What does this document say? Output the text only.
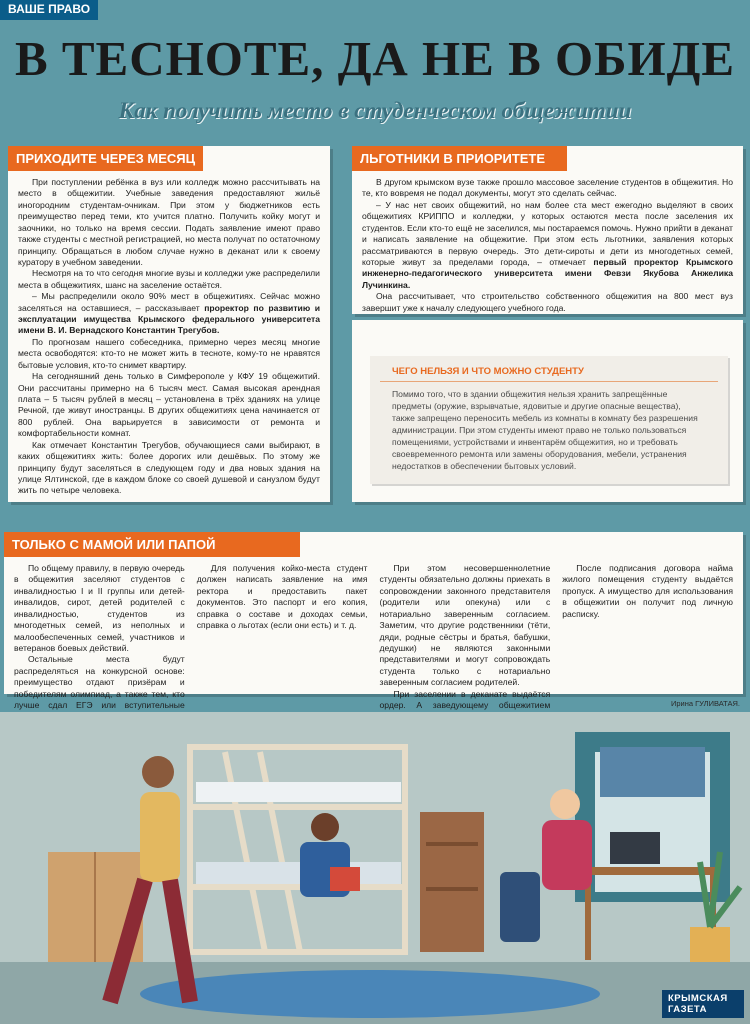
ВАШЕ ПРАВО
В ТЕСНОТЕ, ДА НЕ В ОБИДЕ
Как получить место в студенческом общежитии
ПРИХОДИТЕ ЧЕРЕЗ МЕСЯЦ

При поступлении ребёнка в вуз или колледж можно рассчитывать на место в общежитии. Учебные заведения предоставляют жильё иногородним студентам-очникам. При этом у бюджетников есть преимущество перед теми, кто учится платно. Получить койку могут и заочники, но только на время сессии. Подать заявление имеют право также студенты с местной регистрацией, но места получат по остаточному принципу. Обращаться в любом случае нужно в деканат или к своему куратору в учебном заведении.

Несмотря на то что сегодня многие вузы и колледжи уже распределили места в общежитиях, шанс на заселение остаётся.

– Мы распределили около 90% мест в общежитиях. Сейчас можно заселяться на оставшиеся, – рассказывает проректор по развитию и эксплуатации имущества Крымского федерального университета имени В. И. Вернадского Константин Трегубов.

По прогнозам нашего собеседника, примерно через месяц многие места освободятся: кто-то не может жить в тесноте, кому-то не нравятся бытовые условия, кто-то снимет квартиру.

На сегодняшний день только в Симферополе у КФУ 19 общежитий. Они рассчитаны примерно на 6 тысяч мест. Самая высокая арендная плата – 5 тысяч рублей в месяц – установлена в трёх зданиях на улице Речной, где живут иностранцы. В других общежитиях цена начинается от 800 рублей. Она варьируется в зависимости от ремонта и комфортабельности комнат.

Как отмечает Константин Трегубов, обучающиеся сами выбирают, в каких общежитиях жить: более дорогих или дешёвых. По этому же принципу будут заселяться в следующем году и два новых здания на улице Ялтинской, где в каждом блоке со своей душевой и санузлом будут жить по четыре человека.

ЛЬГОТНИКИ В ПРИОРИТЕТЕ

В другом крымском вузе также прошло массовое заселение студентов в общежития. Но те, кто вовремя не подал документы, могут это сделать сейчас.

– У нас нет своих общежитий, но нам более ста мест ежегодно выделяют в своих общежитиях КРИППО и колледжи, у которых остаются места после заселения их студентов. Если кто-то ещё не заселился, мы постараемся помочь. Нужно прийти в деканат и написать заявление на общежитие. При этом есть льготники, заявления которых рассматриваются в первую очередь. Это дети-сироты и дети из многодетных семей, которые живут за пределами города, – отмечает первый проректор Крымского инженерно-педагогического университета имени Февзи Якубова Анжелика Лучинкина.

Она рассчитывает, что строительство собственного общежития на 800 мест вуз завершит уже к началу следующего учебного года.

ЧЕГО НЕЛЬЗЯ И ЧТО МОЖНО СТУДЕНТУ
Помимо того, что в здании общежития нельзя хранить запрещённые предметы (оружие, взрывчатые, ядовитые и другие опасные вещества), также запрещено переносить мебель из комнаты в комнату без разрешения администрации. При этом студенты имеют право не только пользоваться помещениями, устройствами и инвентарём общежития, но и требовать своевременного ремонта или замены оборудования, мебели, устранения недостатков в обеспечении бытовых условий.
ТОЛЬКО С МАМОЙ ИЛИ ПАПОЙ

По общему правилу, в первую очередь в общежития заселяют студентов с инвалидностью I и II группы или детей-инвалидов, сирот, детей родителей с инвалидностью, студентов из многодетных семей, из неполных и малообеспеченных семей, участников и ветеранов боевых действий.

Остальные места будут распределяться на конкурсной основе: преимущество отдают призёрам и победителям олимпиад, а также тем, кто лучше сдал ЕГЭ или вступительные

Для получения койко-места студент должен написать заявление на имя ректора и предоставить пакет документов. Это паспорт и его копия, справка о составе и доходах семьи, справка о льготах (если они есть) и т. д.

При этом несовершеннолетние студенты обязательно должны приехать в сопровождении законного представителя (родители или опекуна) или с нотариально заверенным согласием. Заметим, что другие родственники (тёти, дяди, родные сёстры и братья, бабушки, дедушки) не являются законными представителями и могут сопровождать студента только с нотариально заверенным согласием родителей.

При заселении в деканате выдаётся ордер. А заведующему общежитием

После подписания договора найма жилого помещения студенту выдаётся пропуск. А имущество для использования в общежитии он получит под личную расписку.

Ирина ГУЛИВАТАЯ.
КРЫМСКАЯ
ГАЗЕТА
